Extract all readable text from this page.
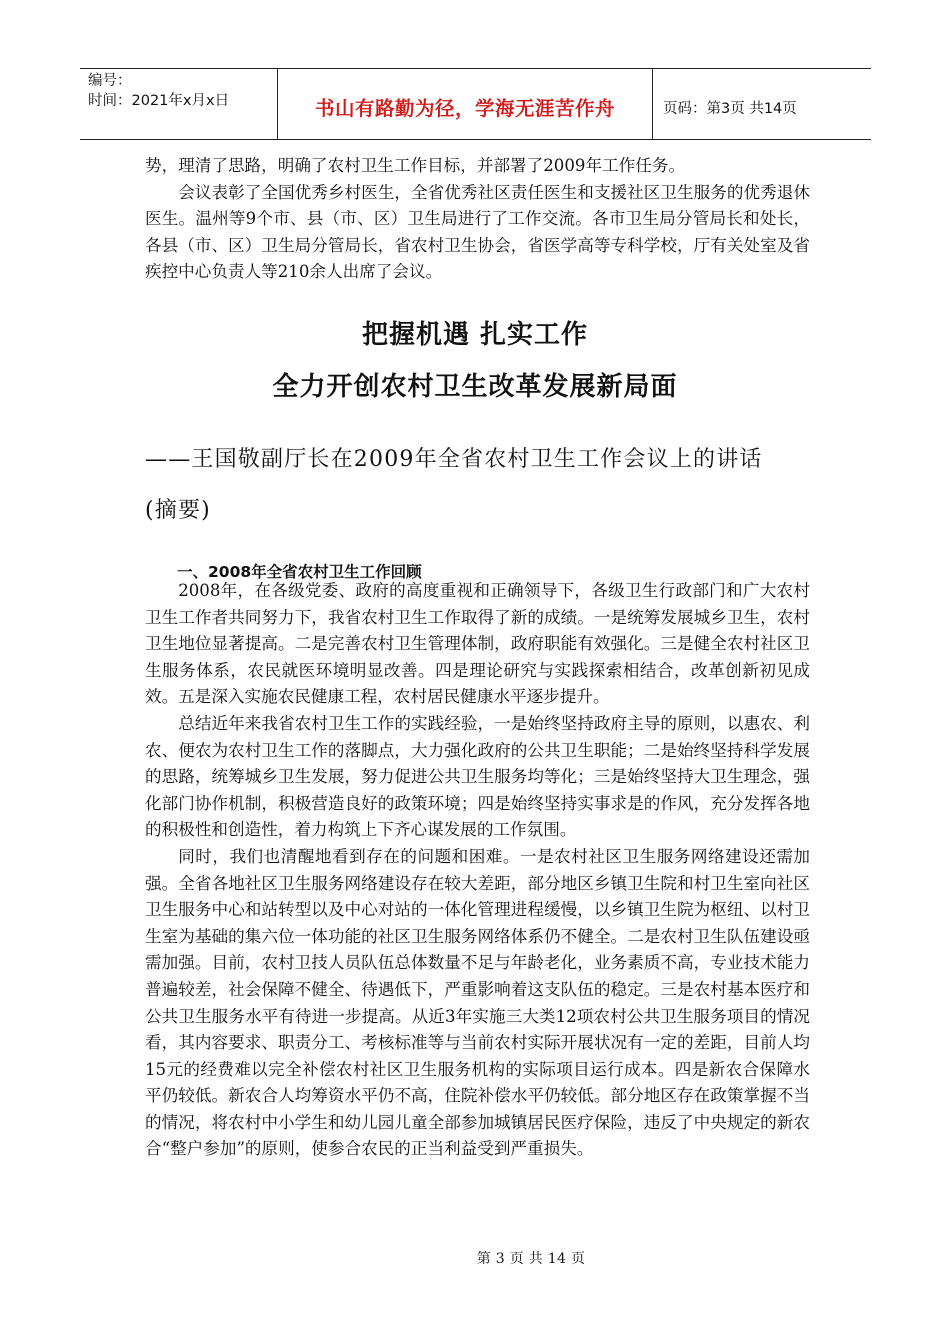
编号：
时间：2021年x月x日	书山有路勤为径，学海无涯苦作舟	页码：第3页 共14页

势，理清了思路，明确了农村卫生工作目标，并部署了2009年工作任务。

会议表彰了全国优秀乡村医生，全省优秀社区责任医生和支援社区卫生服务的优秀退休医生。温州等9个市、县（市、区）卫生局进行了工作交流。各市卫生局分管局长和处长，各县（市、区）卫生局分管局长，省农村卫生协会，省医学高等专科学校，厅有关处室及省疾控中心负责人等210余人出席了会议。

把握机遇 扎实工作
全力开创农村卫生改革发展新局面
——王国敬副厅长在2009年全省农村卫生工作会议上的讲话
(摘要)
一、2008年全省农村卫生工作回顾

2008年，在各级党委、政府的高度重视和正确领导下，各级卫生行政部门和广大农村卫生工作者共同努力下，我省农村卫生工作取得了新的成绩。一是统筹发展城乡卫生，农村卫生地位显著提高。二是完善农村卫生管理体制，政府职能有效强化。三是健全农村社区卫生服务体系，农民就医环境明显改善。四是理论研究与实践探索相结合，改革创新初见成效。五是深入实施农民健康工程，农村居民健康水平逐步提升。

总结近年来我省农村卫生工作的实践经验，一是始终坚持政府主导的原则，以惠农、利农、便农为农村卫生工作的落脚点，大力强化政府的公共卫生职能；二是始终坚持科学发展的思路，统筹城乡卫生发展，努力促进公共卫生服务均等化；三是始终坚持大卫生理念，强化部门协作机制，积极营造良好的政策环境；四是始终坚持实事求是的作风，充分发挥各地的积极性和创造性，着力构筑上下齐心谋发展的工作氛围。

同时，我们也清醒地看到存在的问题和困难。一是农村社区卫生服务网络建设还需加强。全省各地社区卫生服务网络建设存在较大差距，部分地区乡镇卫生院和村卫生室向社区卫生服务中心和站转型以及中心对站的一体化管理进程缓慢，以乡镇卫生院为枢纽、以村卫生室为基础的集六位一体功能的社区卫生服务网络体系仍不健全。二是农村卫生队伍建设亟需加强。目前，农村卫技人员队伍总体数量不足与年龄老化，业务素质不高，专业技术能力普遍较差，社会保障不健全、待遇低下，严重影响着这支队伍的稳定。三是农村基本医疗和公共卫生服务水平有待进一步提高。从近3年实施三大类12项农村公共卫生服务项目的情况看，其内容要求、职责分工、考核标准等与当前农村实际开展状况有一定的差距，目前人均15元的经费难以完全补偿农村社区卫生服务机构的实际项目运行成本。四是新农合保障水平仍较低。新农合人均筹资水平仍不高，住院补偿水平仍较低。部分地区存在政策掌握不当的情况，将农村中小学生和幼儿园儿童全部参加城镇居民医疗保险，违反了中央规定的新农合“整户参加”的原则，使参合农民的正当利益受到严重损失。

第 3 页 共 14 页
